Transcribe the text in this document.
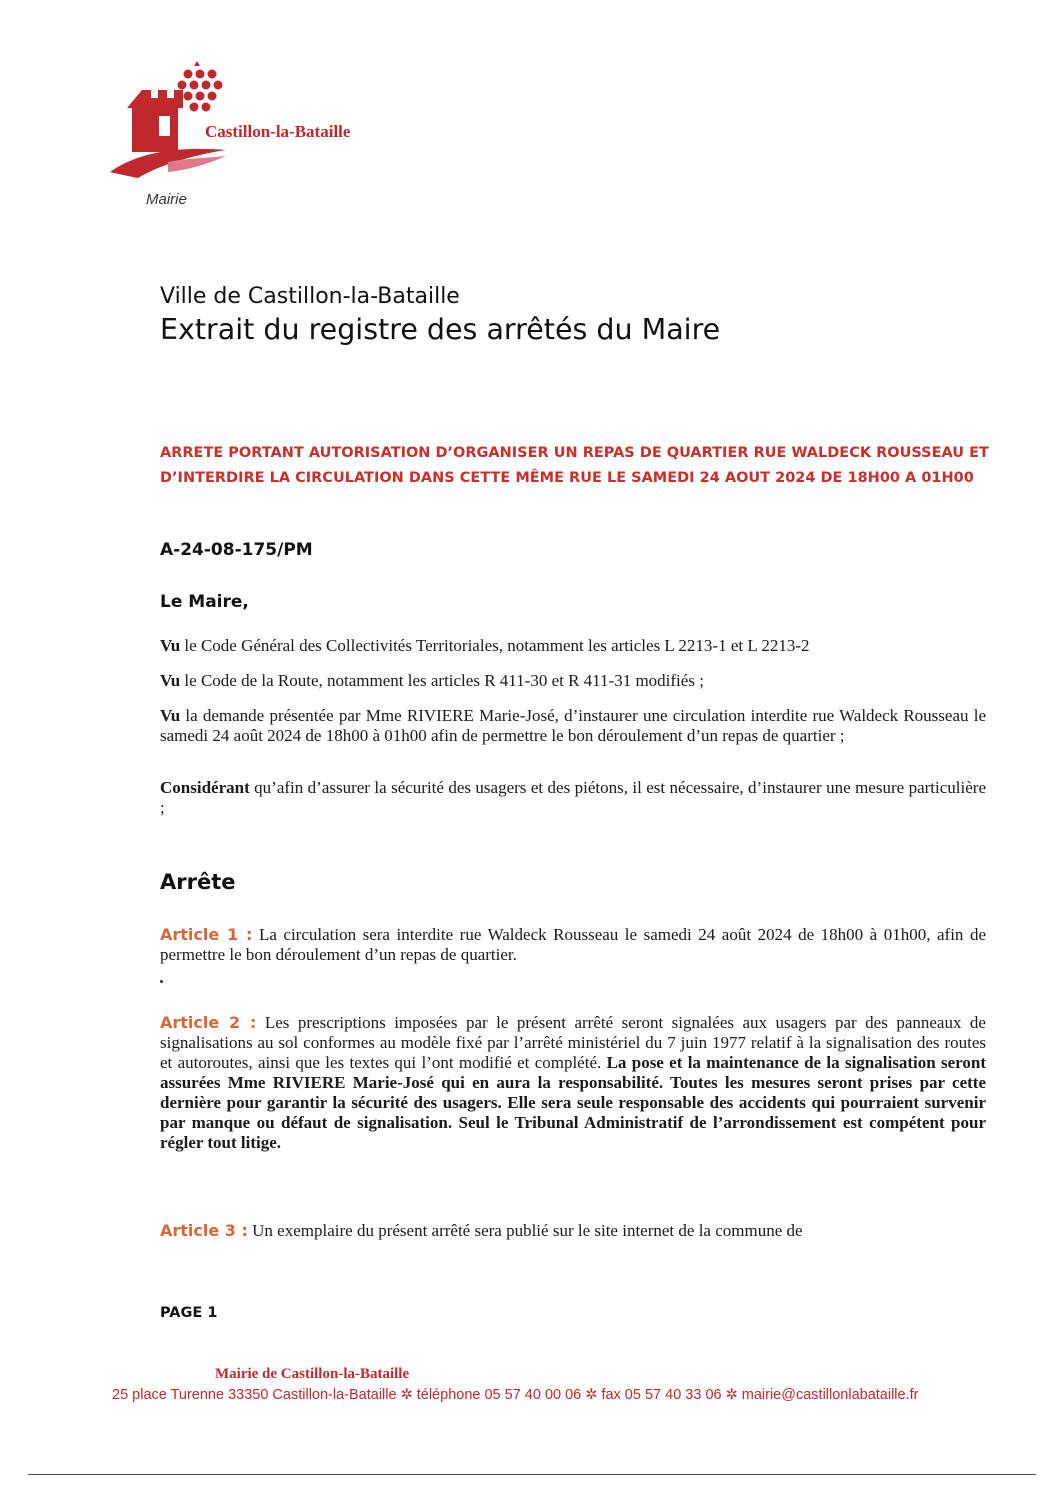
Castillon-la-Bataille
Mairie
Ville de Castillon-la-Bataille
Extrait du registre des arrêtés du Maire
ARRETE PORTANT AUTORISATION D’ORGANISER UN REPAS DE QUARTIER RUE WALDECK ROUSSEAU ET D’INTERDIRE LA CIRCULATION DANS CETTE MÊME RUE LE SAMEDI 24 AOUT 2024 DE 18H00 A 01H00
A-24-08-175/PM
Le Maire,
Vu le Code Général des Collectivités Territoriales, notamment les articles L 2213-1 et L 2213-2
Vu le Code de la Route, notamment les articles R 411-30 et R 411-31 modifiés ;
Vu la demande présentée par Mme RIVIERE Marie-José, d’instaurer une circulation interdite rue Waldeck Rousseau le samedi 24 août 2024 de 18h00 à 01h00 afin de permettre le bon déroulement d’un repas de quartier ;
Considérant qu’afin d’assurer la sécurité des usagers et des piétons, il est nécessaire, d’instaurer une mesure particulière ;
Arrête
Article 1 : La circulation sera interdite rue Waldeck Rousseau le samedi 24 août 2024 de 18h00 à 01h00, afin de permettre le bon déroulement d’un repas de quartier.
Article 2 : Les prescriptions imposées par le présent arrêté seront signalées aux usagers par des panneaux de signalisations au sol conformes au modèle fixé par l’arrêté ministériel du 7 juin 1977 relatif à la signalisation des routes et autoroutes, ainsi que les textes qui l’ont modifié et complété. La pose et la maintenance de la signalisation seront assurées Mme RIVIERE Marie-José qui en aura la responsabilité. Toutes les mesures seront prises par cette dernière pour garantir la sécurité des usagers. Elle sera seule responsable des accidents qui pourraient survenir par manque ou défaut de signalisation. Seul le Tribunal Administratif de l’arrondissement est compétent pour régler tout litige.
Article 3 : Un exemplaire du présent arrêté sera publié sur le site internet de la commune de
PAGE 1
Mairie de Castillon-la-Bataille
25 place Turenne 33350 Castillon-la-Bataille ✲ téléphone 05 57 40 00 06 ✲ fax 05 57 40 33 06 ✲ mairie@castillonlabataille.fr
